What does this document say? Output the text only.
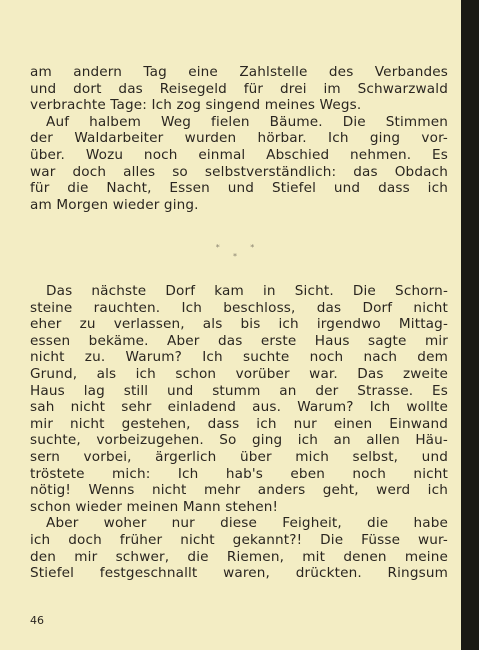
am andern Tag eine Zahlstelle des Verbandes
und dort das Reisegeld für drei im Schwarzwald
verbrachte Tage: Ich zog singend meines Wegs.

Auf halbem Weg fielen Bäume. Die Stimmen
der Waldarbeiter wurden hörbar. Ich ging vor-
über. Wozu noch einmal Abschied nehmen. Es
war doch alles so selbstverständlich: das Obdach
für die Nacht, Essen und Stiefel und dass ich
am Morgen wieder ging.

* *
*

Das nächste Dorf kam in Sicht. Die Schorn-
steine rauchten. Ich beschloss, das Dorf nicht
eher zu verlassen, als bis ich irgendwo Mittag-
essen bekäme. Aber das erste Haus sagte mir
nicht zu. Warum? Ich suchte noch nach dem
Grund, als ich schon vorüber war. Das zweite
Haus lag still und stumm an der Strasse. Es
sah nicht sehr einladend aus. Warum? Ich wollte
mir nicht gestehen, dass ich nur einen Einwand
suchte, vorbeizugehen. So ging ich an allen Häu-
sern vorbei, ärgerlich über mich selbst, und
tröstete mich: Ich hab's eben noch nicht
nötig! Wenns nicht mehr anders geht, werd ich
schon wieder meinen Mann stehen!

Aber woher nur diese Feigheit, die habe
ich doch früher nicht gekannt?! Die Füsse wur-
den mir schwer, die Riemen, mit denen meine
Stiefel festgeschnallt waren, drückten. Ringsum

46
